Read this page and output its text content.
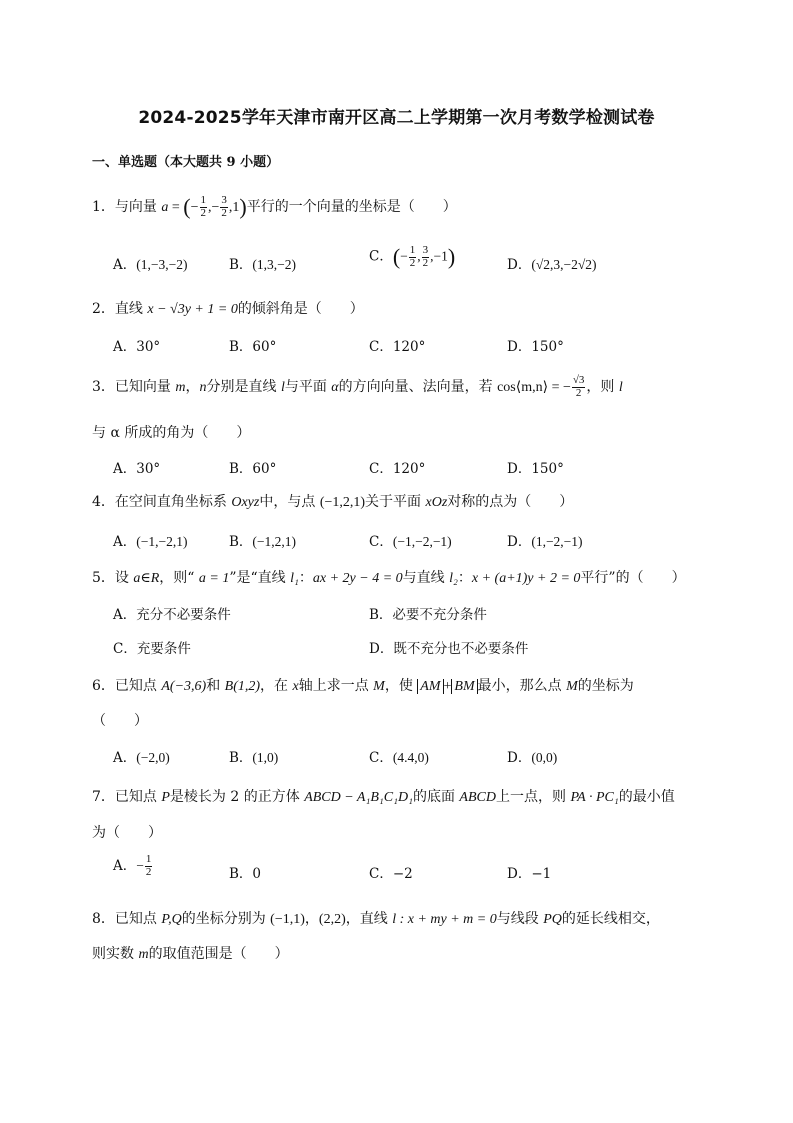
2024-2025学年天津市南开区高二上学期第一次月考数学检测试卷
一、单选题（本大题共 9 小题）
1．与向量 a = (− $\frac{1}{2}$ ,− $\frac{3}{2} ,1$)平行的一个向量的坐标是（　　）
A．(1,−3,−2)	B．(1,3,−2)	C．(− $\frac{1}{2}$ , $\frac{3}{2} ,-1$)	D．(√2,3,−2√2)
2．直线 x − √3y + 1 = 0的倾斜角是（　　）
A．30°	B．60°	C．120°	D．150°
3．已知向量 m，n分别是直线 l与平面 α的方向向量、法向量，若 cos⟨m,n⟩ = − $\frac{√3}{2}$ ，则 l
与 α 所成的角为（　　）
A．30°	B．60°	C．120°	D．150°
4．在空间直角坐标系 Oxyz中，与点 (−1,2,1)关于平面 xOz对称的点为（　　）
A．(−1,−2,1)	B．(−1,2,1)	C．(−1,−2,−1)	D．(1,−2,−1)
5．设 a∈R，则“ a = 1”是“直线 l₁：ax + 2y − 4 = 0与直线 l₂：x + (a+1)y + 2 = 0平行”的（　　）
A．充分不必要条件	B．必要不充分条件
C．充要条件	D．既不充分也不必要条件
6．已知点 A(−3,6)和 B(1,2)，在 x轴上求一点 M，使 AM + BM 最小，那么点 M的坐标为
（　　）
A．(−2,0)	B．(1,0)	C．(4.4,0)	D．(0,0)
7．已知点 P是棱长为 2 的正方体 ABCD − A₁B₁C₁D₁的底面 ABCD上一点，则 PA · PC₁的最小值
为（　　）
A．− $\frac{1}{2}$	B．0	C．−2	D．−1
8．已知点 P,Q的坐标分别为 (−1,1)，(2,2)，直线 l : x + my + m = 0与线段 PQ的延长线相交，
则实数 m的取值范围是（　　）
